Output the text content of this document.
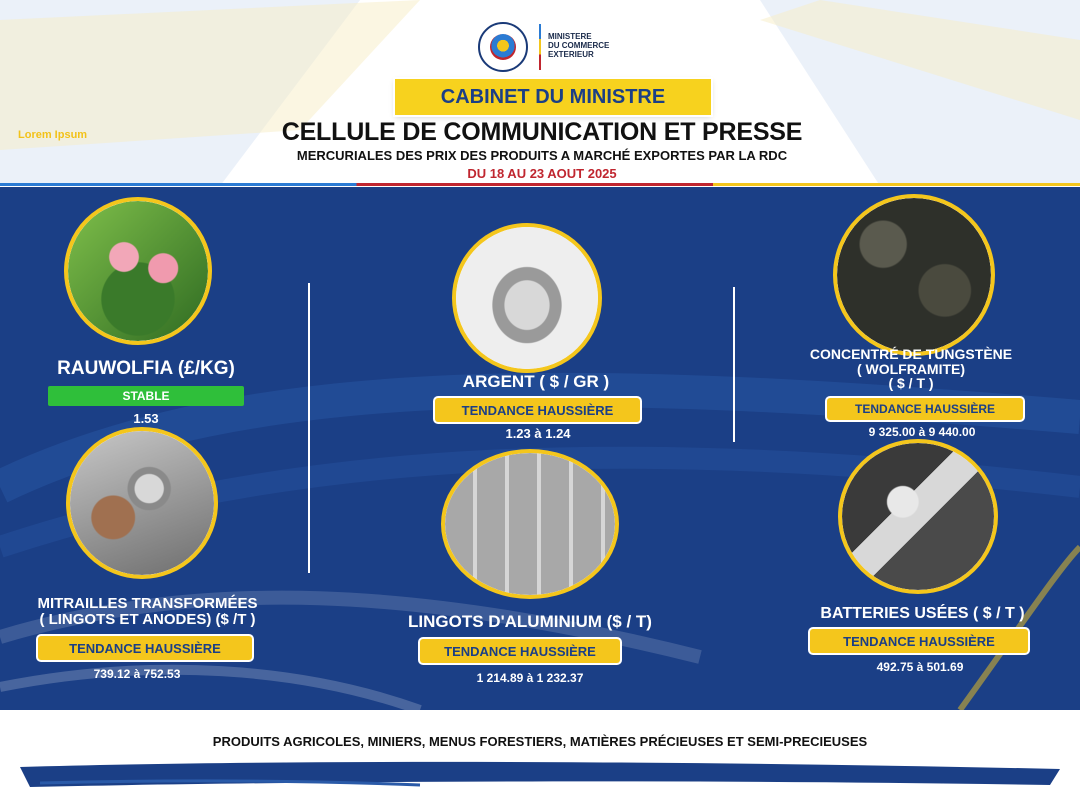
MINISTERE
DU COMMERCE
EXTERIEUR
CABINET DU MINISTRE
Lorem Ipsum	CELLULE DE COMMUNICATION ET PRESSE
MERCURIALES DES PRIX DES PRODUITS A MARCHÉ EXPORTES PAR LA RDC
DU 18 AU 23 AOUT 2025
RAUWOLFIA (£/KG)
STABLE
1.53
ARGENT ( $ / GR )
TENDANCE HAUSSIÈRE
1.23 à 1.24
CONCENTRÉ DE TUNGSTÈNE
( WOLFRAMITE)
( $ / T )
TENDANCE HAUSSIÈRE
9 325.00 à 9 440.00
MITRAILLES TRANSFORMÉES
( LINGOTS ET ANODES) ($ /T )
TENDANCE HAUSSIÈRE
739.12 à 752.53
LINGOTS D'ALUMINIUM ($ / T)
TENDANCE HAUSSIÈRE
1 214.89 à 1 232.37
BATTERIES USÉES ( $ / T )
TENDANCE HAUSSIÈRE
492.75 à 501.69
PRODUITS AGRICOLES, MINIERS, MENUS FORESTIERS, MATIÈRES PRÉCIEUSES ET SEMI-PRECIEUSES
